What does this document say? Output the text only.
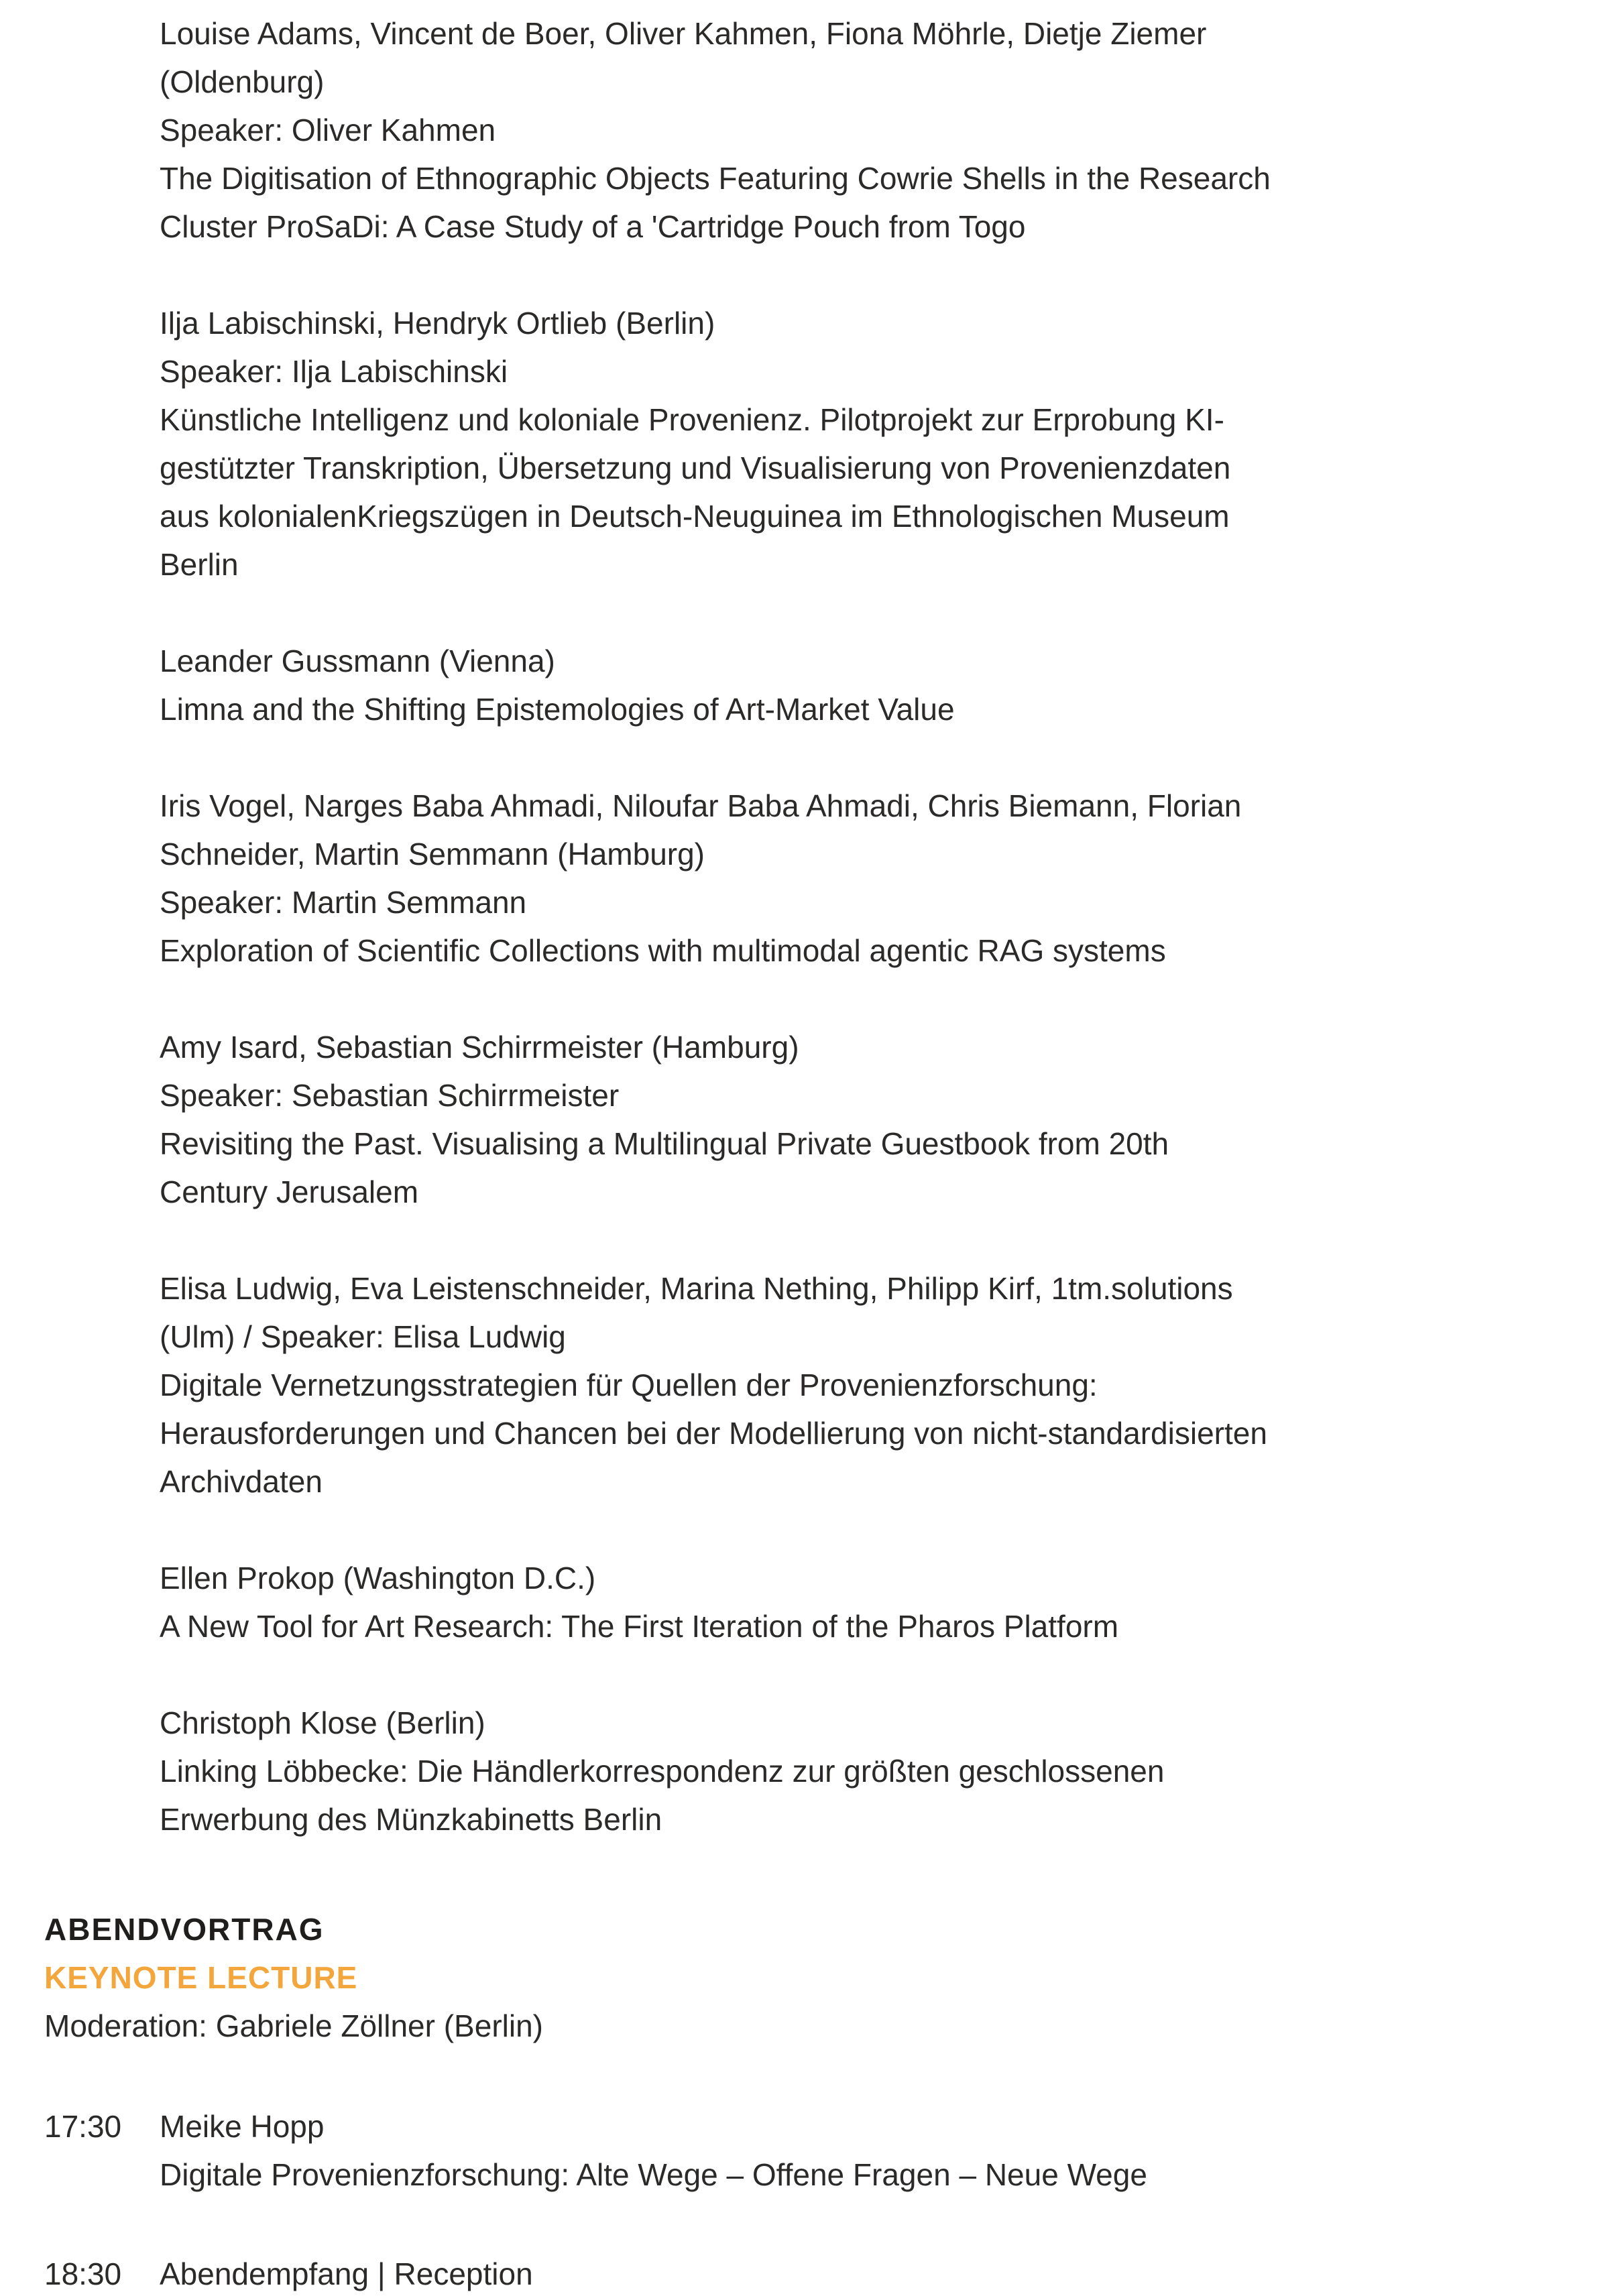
Louise Adams, Vincent de Boer, Oliver Kahmen, Fiona Möhrle, Dietje Ziemer
(Oldenburg)
Speaker: Oliver Kahmen
The Digitisation of Ethnographic Objects Featuring Cowrie Shells in the Research
Cluster ProSaDi: A Case Study of a 'Cartridge Pouch from Togo
Ilja Labischinski, Hendryk Ortlieb (Berlin)
Speaker: Ilja Labischinski
Künstliche Intelligenz und koloniale Provenienz. Pilotprojekt zur Erprobung KI-
gestützter Transkription, Übersetzung und Visualisierung von Provenienzdaten
aus kolonialenKriegszügen in Deutsch-Neuguinea im Ethnologischen Museum
Berlin
Leander Gussmann (Vienna)
Limna and the Shifting Epistemologies of Art-Market Value
Iris Vogel, Narges Baba Ahmadi, Niloufar Baba Ahmadi, Chris Biemann, Florian
Schneider, Martin Semmann (Hamburg)
Speaker: Martin Semmann
Exploration of Scientific Collections with multimodal agentic RAG systems
Amy Isard, Sebastian Schirrmeister (Hamburg)
Speaker: Sebastian Schirrmeister
Revisiting the Past. Visualising a Multilingual Private Guestbook from 20th
Century Jerusalem
Elisa Ludwig, Eva Leistenschneider, Marina Nething, Philipp Kirf, 1tm.solutions
(Ulm) / Speaker: Elisa Ludwig
Digitale Vernetzungsstrategien für Quellen der Provenienzforschung:
Herausforderungen und Chancen bei der Modellierung von nicht-standardisierten
Archivdaten
Ellen Prokop (Washington D.C.)
A New Tool for Art Research: The First Iteration of the Pharos Platform
Christoph Klose (Berlin)
Linking Löbbecke: Die Händlerkorrespondenz zur größten geschlossenen
Erwerbung des Münzkabinetts Berlin
ABENDVORTRAG
KEYNOTE LECTURE
Moderation: Gabriele Zöllner (Berlin)
17:30	Meike Hopp
Digitale Provenienzforschung: Alte Wege – Offene Fragen – Neue Wege
18:30	Abendempfang | Reception
